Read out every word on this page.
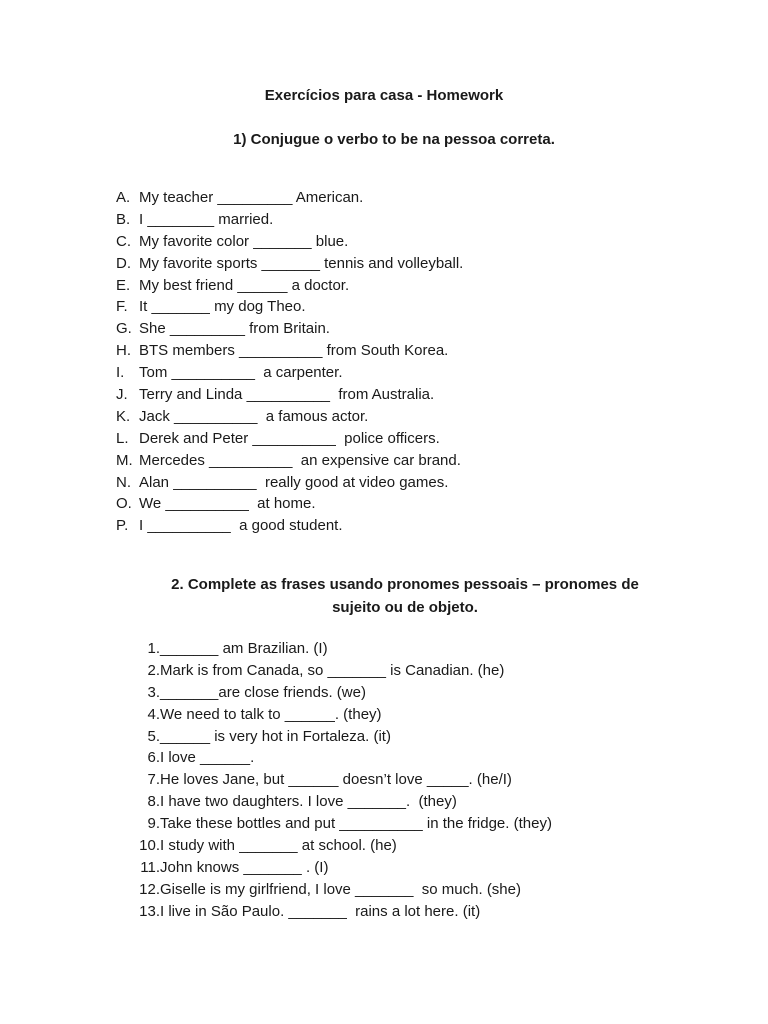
Exercícios para casa - Homework
1) Conjugue o verbo to be na pessoa correta.
A. My teacher _________ American.
B. I ________ married.
C. My favorite color _______ blue.
D. My favorite sports _______ tennis and volleyball.
E. My best friend ______ a doctor.
F. It _______ my dog Theo.
G. She _________ from Britain.
H. BTS members __________ from South Korea.
I. Tom __________  a carpenter.
J. Terry and Linda __________  from Australia.
K. Jack __________  a famous actor.
L. Derek and Peter __________  police officers.
M. Mercedes __________  an expensive car brand.
N. Alan __________  really good at video games.
O. We __________  at home.
P. I __________  a good student.
2. Complete as frases usando pronomes pessoais – pronomes de sujeito ou de objeto.
1. _______ am Brazilian. (I)
2. Mark is from Canada, so _______ is Canadian. (he)
3. _______are close friends. (we)
4. We need to talk to ______. (they)
5. ______ is very hot in Fortaleza. (it)
6. I love ______.
7. He loves Jane, but ______ doesn’t love _____. (he/I)
8. I have two daughters. I love _______.  (they)
9. Take these bottles and put __________ in the fridge. (they)
10. I study with _______ at school. (he)
11. John knows _______ . (I)
12. Giselle is my girlfriend, I love _______  so much. (she)
13. I live in São Paulo. _______  rains a lot here. (it)
